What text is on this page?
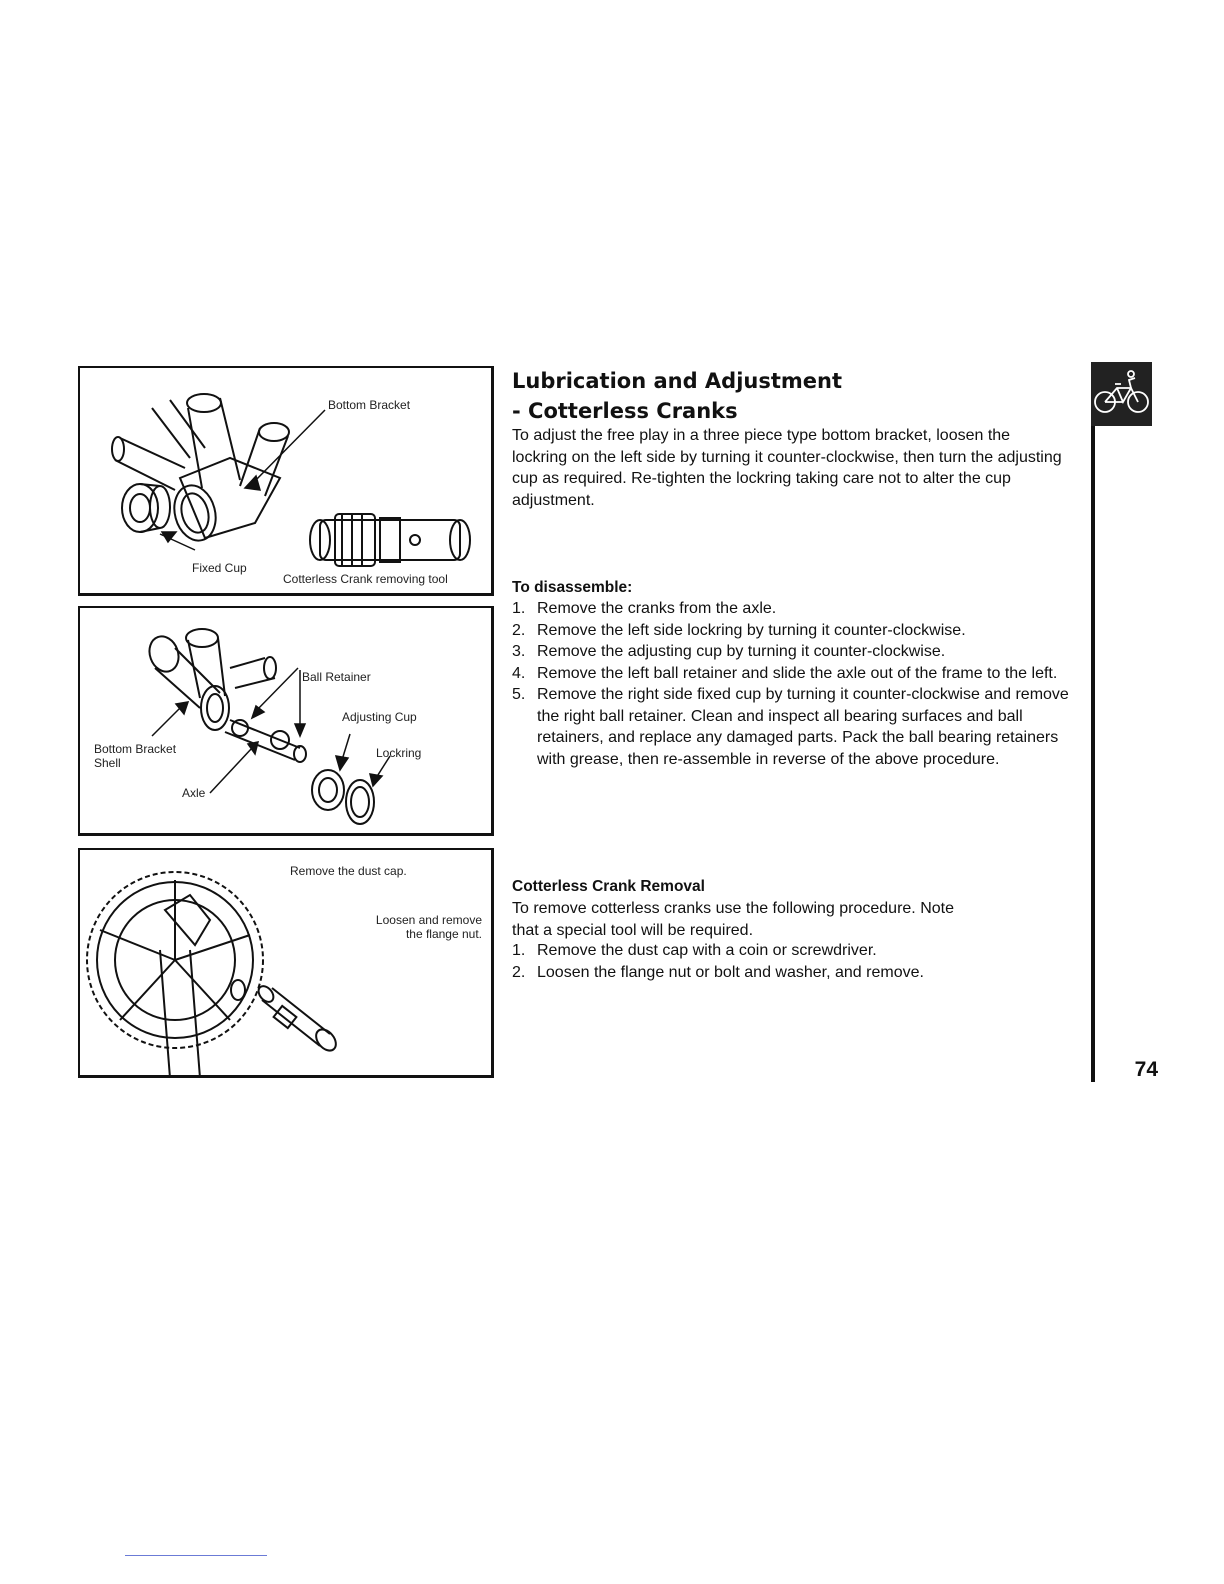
Bottom Bracket
Fixed Cup
Cotterless Crank removing tool
Ball Retainer
Adjusting Cup
Lockring
Bottom Bracket
Shell
Axle
Remove the dust cap.
Loosen and remove
the flange nut.
Lubrication and Adjustment
- Cotterless Cranks

To adjust the free play in a three piece type bottom bracket, loosen the lockring on the left side by turning it counter-clockwise, then turn the adjusting cup as required. Re-tighten the lockring taking care not to alter the cup adjustment.

To disassemble:
1. Remove the cranks from the axle.
2. Remove the left side lockring by turning it counter-clockwise.
3. Remove the adjusting cup by turning it counter-clockwise.
4. Remove the left ball retainer and slide the axle out of the frame to the left.
5. Remove the right side fixed cup by turning it counter-clockwise and remove the right ball retainer. Clean and inspect all bearing surfaces and ball retainers, and replace any damaged parts. Pack the ball bearing retainers with grease, then re-assemble in reverse of the above procedure.
Cotterless Crank Removal

To remove cotterless cranks use the following procedure. Note that a special tool will be required.

1. Remove the dust cap with a coin or screwdriver.
2. Loosen the flange nut or bolt and washer, and remove.
74
